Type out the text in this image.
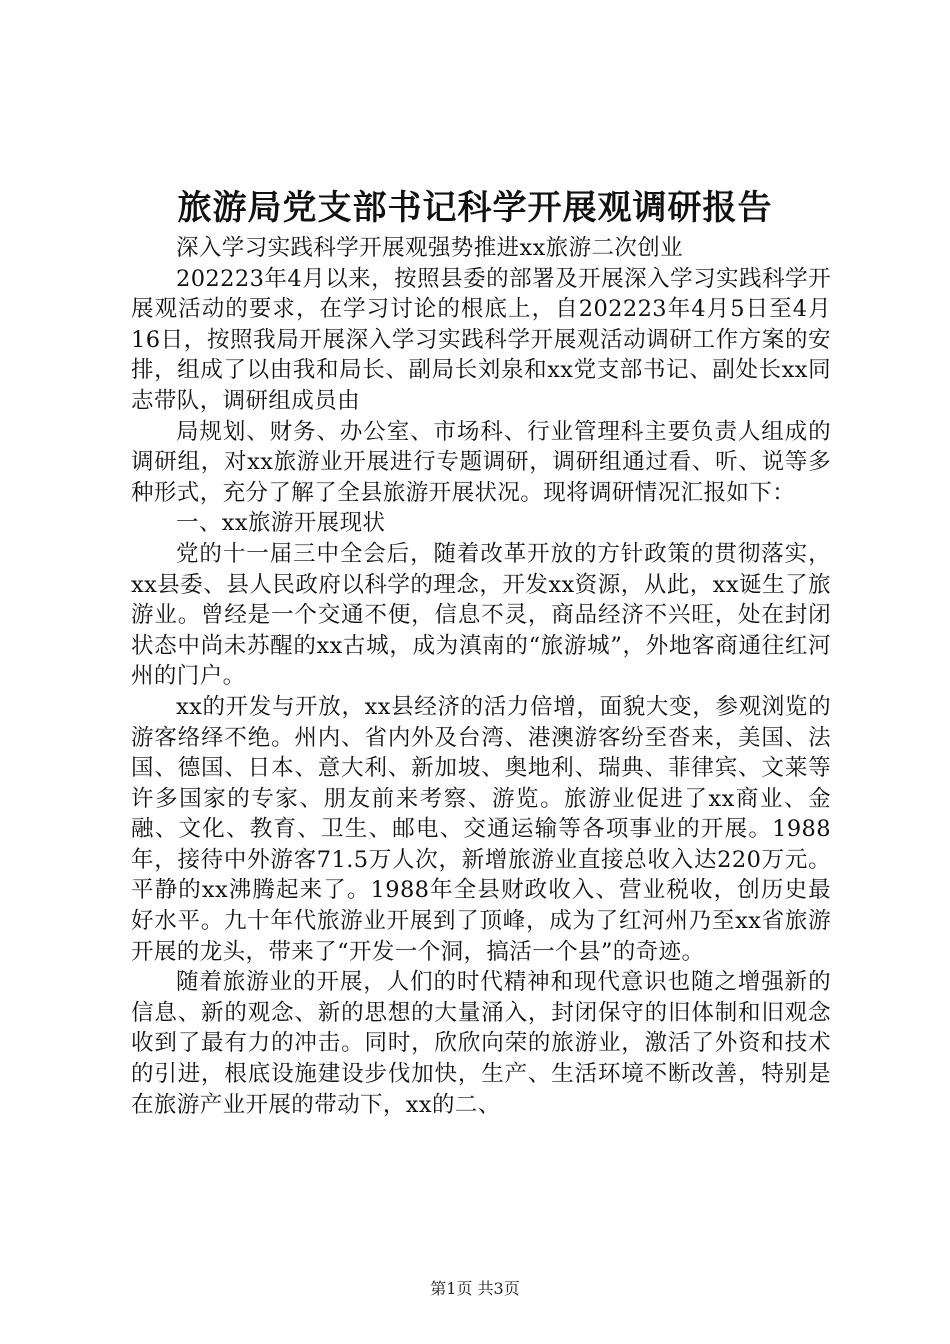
旅游局党支部书记科学开展观调研报告

深入学习实践科学开展观强势推进xx旅游二次创业

202223年4月以来，按照县委的部署及开展深入学习实践科学开展观活动的要求，在学习讨论的根底上，自202223年4月5日至4月16日，按照我局开展深入学习实践科学开展观活动调研工作方案的安排，组成了以由我和局长、副局长刘泉和xx党支部书记、副处长xx同志带队，调研组成员由

局规划、财务、办公室、市场科、行业管理科主要负责人组成的调研组，对xx旅游业开展进行专题调研，调研组通过看、听、说等多种形式，充分了解了全县旅游开展状况。现将调研情况汇报如下：

一、xx旅游开展现状

党的十一届三中全会后，随着改革开放的方针政策的贯彻落实，xx县委、县人民政府以科学的理念，开发xx资源，从此，xx诞生了旅游业。曾经是一个交通不便，信息不灵，商品经济不兴旺，处在封闭状态中尚未苏醒的xx古城，成为滇南的“旅游城”，外地客商通往红河州的门户。

xx的开发与开放，xx县经济的活力倍增，面貌大变，参观浏览的游客络绎不绝。州内、省内外及台湾、港澳游客纷至沓来，美国、法国、德国、日本、意大利、新加坡、奥地利、瑞典、菲律宾、文莱等许多国家的专家、朋友前来考察、游览。旅游业促进了xx商业、金融、文化、教育、卫生、邮电、交通运输等各项事业的开展。1988年，接待中外游客71.5万人次，新增旅游业直接总收入达220万元。平静的xx沸腾起来了。1988年全县财政收入、营业税收，创历史最好水平。九十年代旅游业开展到了顶峰，成为了红河州乃至xx省旅游开展的龙头，带来了“开发一个洞，搞活一个县”的奇迹。

随着旅游业的开展，人们的时代精神和现代意识也随之增强新的信息、新的观念、新的思想的大量涌入，封闭保守的旧体制和旧观念收到了最有力的冲击。同时，欣欣向荣的旅游业，激活了外资和技术的引进，根底设施建设步伐加快，生产、生活环境不断改善，特别是在旅游产业开展的带动下，xx的二、

第1页 共3页
